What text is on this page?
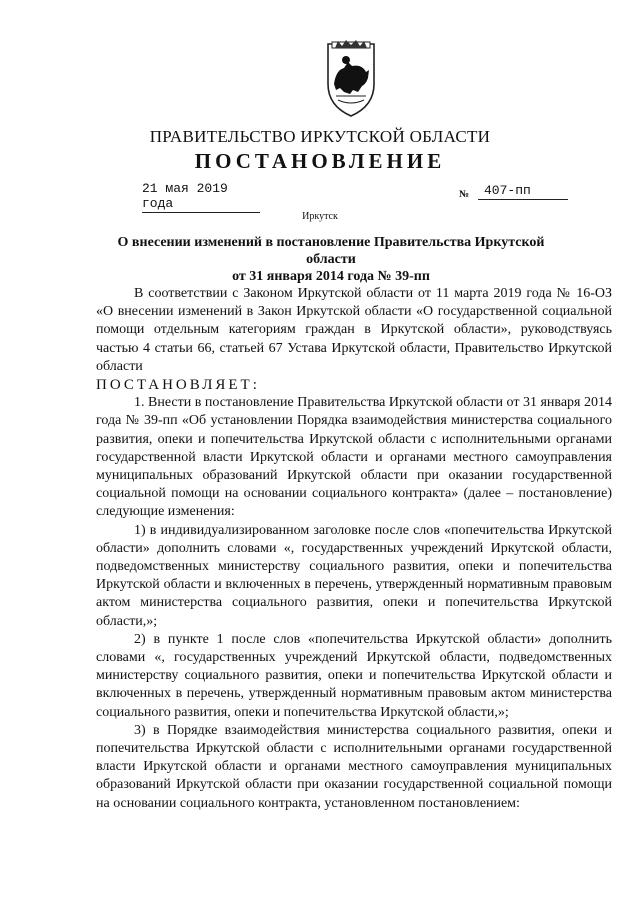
ПРАВИТЕЛЬСТВО ИРКУТСКОЙ ОБЛАСТИ
ПОСТАНОВЛЕНИЕ
21 мая 2019 года
№	407-пп
Иркутск
О внесении изменений в постановление Правительства Иркутской области
от 31 января 2014 года № 39-пп

В соответствии с Законом Иркутской области от 11 марта 2019 года № 16-ОЗ «О внесении изменений в Закон Иркутской области «О государственной социальной помощи отдельным категориям граждан в Иркутской области», руководствуясь частью 4 статьи 66, статьей 67 Устава Иркутской области, Правительство Иркутской области

ПОСТАНОВЛЯЕТ:

1. Внести в постановление Правительства Иркутской области от 31 января 2014 года № 39-пп «Об установлении Порядка взаимодействия министерства социального развития, опеки и попечительства Иркутской области с исполнительными органами государственной власти Иркутской области и органами местного самоуправления муниципальных образований Иркутской области при оказании государственной социальной помощи на основании социального контракта» (далее – постановление) следующие изменения:

1) в индивидуализированном заголовке после слов «попечительства Иркутской области» дополнить словами «, государственных учреждений Иркутской области, подведомственных министерству социального развития, опеки и попечительства Иркутской области и включенных в перечень, утвержденный нормативным правовым актом министерства социального развития, опеки и попечительства Иркутской области,»;

2) в пункте 1 после слов «попечительства Иркутской области» дополнить словами «, государственных учреждений Иркутской области, подведомственных министерству социального развития, опеки и попечительства Иркутской области и включенных в перечень, утвержденный нормативным правовым актом министерства социального развития, опеки и попечительства Иркутской области,»;

3) в Порядке взаимодействия министерства социального развития, опеки и попечительства Иркутской области с исполнительными органами государственной власти Иркутской области и органами местного самоуправления муниципальных образований Иркутской области при оказании государственной социальной помощи на основании социального контракта, установленном постановлением:
